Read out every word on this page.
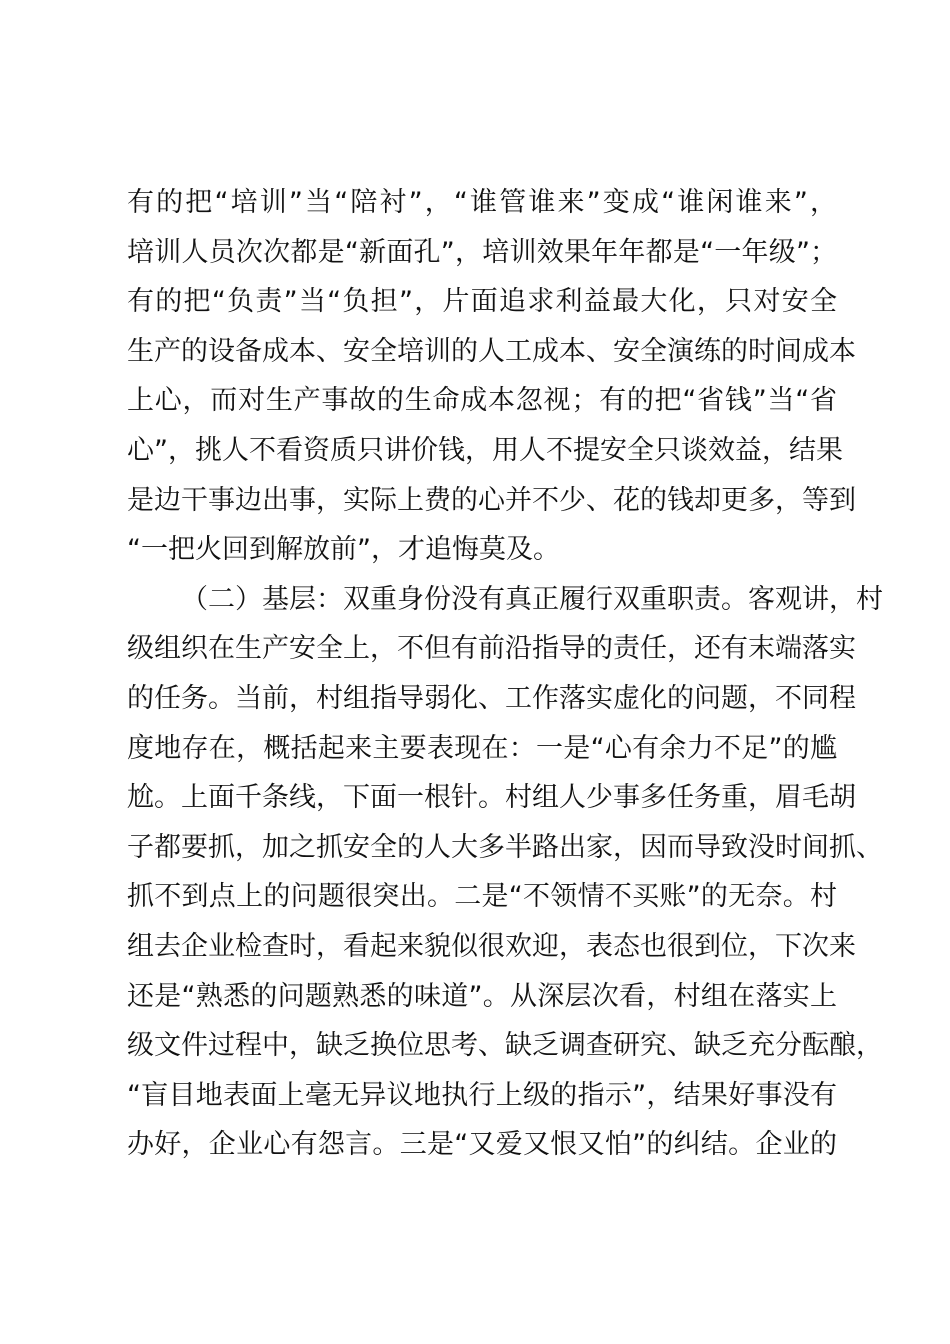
有的把“培训”当“陪衬”，“谁管谁来”变成“谁闲谁来”，
培训人员次次都是“新面孔”，培训效果年年都是“一年级”；
有的把“负责”当“负担”，片面追求利益最大化，只对安全
生产的设备成本、安全培训的人工成本、安全演练的时间成本
上心，而对生产事故的生命成本忽视；有的把“省钱”当“省
心”，挑人不看资质只讲价钱，用人不提安全只谈效益，结果
是边干事边出事，实际上费的心并不少、花的钱却更多，等到
“一把火回到解放前”，才追悔莫及。
（二）基层：双重身份没有真正履行双重职责。客观讲，村
级组织在生产安全上，不但有前沿指导的责任，还有末端落实
的任务。当前，村组指导弱化、工作落实虚化的问题，不同程
度地存在，概括起来主要表现在：一是“心有余力不足”的尴
尬。上面千条线，下面一根针。村组人少事多任务重，眉毛胡
子都要抓，加之抓安全的人大多半路出家，因而导致没时间抓、
抓不到点上的问题很突出。二是“不领情不买账”的无奈。村
组去企业检查时，看起来貌似很欢迎，表态也很到位，下次来
还是“熟悉的问题熟悉的味道”。从深层次看，村组在落实上
级文件过程中，缺乏换位思考、缺乏调查研究、缺乏充分酝酿，
“盲目地表面上毫无异议地执行上级的指示”，结果好事没有
办好，企业心有怨言。三是“又爱又恨又怕”的纠结。企业的
